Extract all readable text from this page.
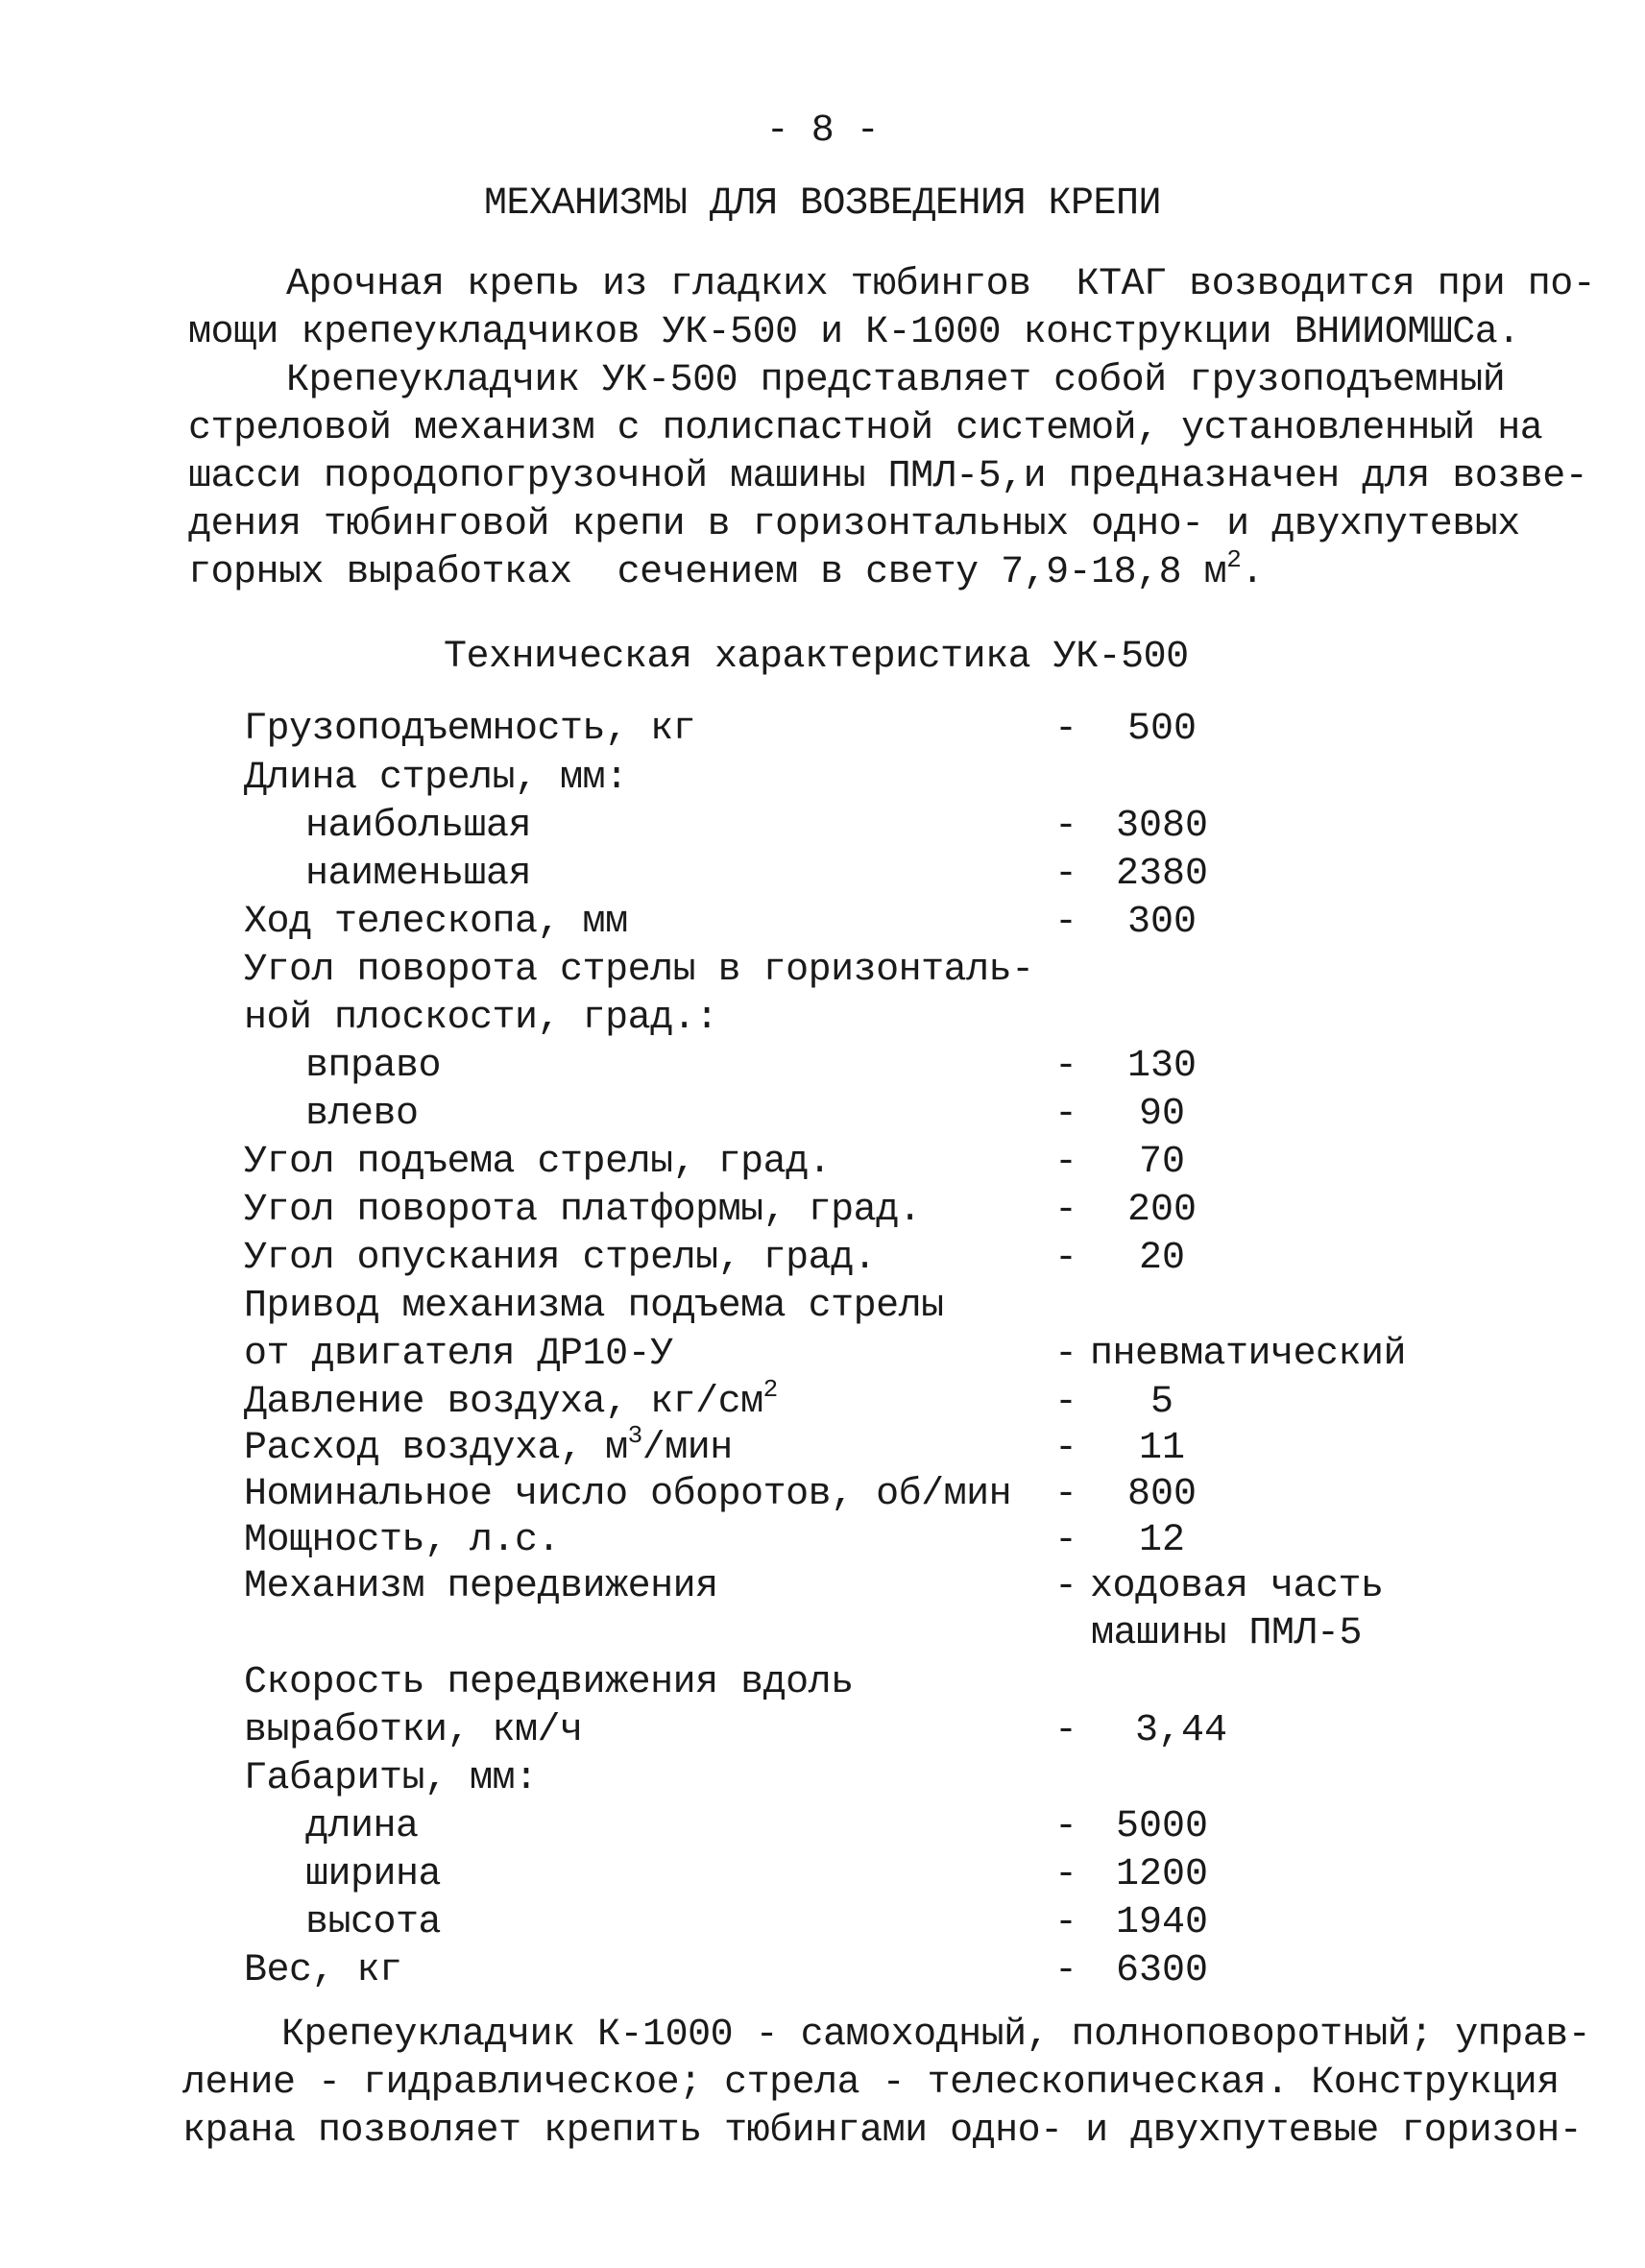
- 8 -
МЕХАНИЗМЫ ДЛЯ ВОЗВЕДЕНИЯ КРЕПИ
Арочная крепь из гладких тюбингов  КТАГ возводится при по-
мощи крепеукладчиков УК-500 и К-1000 конструкции ВНИИОМШСа.
Крепеукладчик УК-500 представляет собой грузоподъемный
стреловой механизм с полиспастной системой, установленный на
шасси породопогрузочной машины ПМЛ-5,и предназначен для возве-
дения тюбинговой крепи в горизонтальных одно- и двухпутевых
горных выработках  сечением в свету 7,9-18,8 $м^2$.
Техническая характеристика УК-500
Грузоподъемность, кг	-	500
Длина стрелы, мм:
наибольшая	- 3080
наименьшая	- 2380
Ход телескопа, мм	-	300
Угол поворота стрелы в горизонталь-
ной плоскости, град.:
вправо	-	130
влево	-	90
Угол подъема стрелы, град.	-	70
Угол поворота платформы, град.	-	200
Угол опускания стрелы, град.	-	20
Привод механизма подъема стрелы
от двигателя ДР10-У	- пневматический
Давление воздуха, $кг/см^2$	-	5
Расход воздуха, $м^3$/мин	-	11
Номинальное число оборотов, об/мин -	800
Мощность, л.с.	-	12
Механизм передвижения	- ходовая часть
машины ПМЛ-5
Скорость передвижения вдоль
выработки, км/ч	-	3,44
Габариты, мм:
длина	- 5000
ширина	- 1200
высота	- 1940
Вес, кг	- 6300
Крепеукладчик К-1000 - самоходный, полноповоротный; управ-
ление - гидравлическое; стрела - телескопическая. Конструкция
крана позволяет крепить тюбингами одно- и двухпутевые горизон-
